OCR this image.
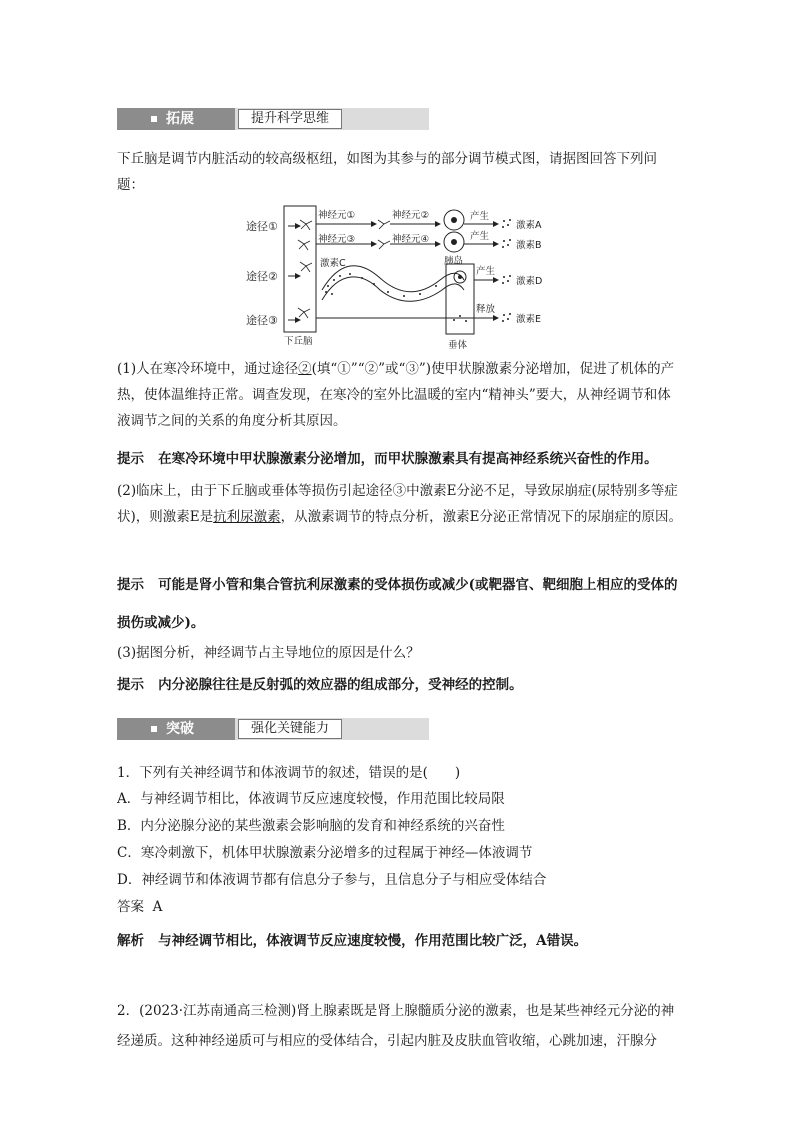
拓展	提升科学思维

下丘脑是调节内脏活动的较高级枢纽，如图为其参与的部分调节模式图，请据图回答下列问题：

途径①
途径②
途径③
下丘脑
神经元①
神经元③
神经元②
神经元④
胰岛
产生
产生
激素A
激素B
激素C
垂体
产生
释放
激素D
激素E

(1)人在寒冷环境中，通过途径②(填“①”“②”或“③”)使甲状腺激素分泌增加，促进了机体的产热，使体温维持正常。调查发现，在寒冷的室外比温暖的室内“精神头”要大，从神经调节和体液调节之间的关系的角度分析其原因。

提示 在寒冷环境中甲状腺激素分泌增加，而甲状腺激素具有提高神经系统兴奋性的作用。

(2)临床上，由于下丘脑或垂体等损伤引起途径③中激素E分泌不足，导致尿崩症(尿特别多等症状)，则激素E是抗利尿激素，从激素调节的特点分析，激素E分泌正常情况下的尿崩症的原因。

提示 可能是肾小管和集合管抗利尿激素的受体损伤或减少(或靶器官、靶细胞上相应的受体的损伤或减少)。

(3)据图分析，神经调节占主导地位的原因是什么？

提示 内分泌腺往往是反射弧的效应器的组成部分，受神经的控制。

突破	强化关键能力

1．下列有关神经调节和体液调节的叙述，错误的是(　　)

A．与神经调节相比，体液调节反应速度较慢，作用范围比较局限

B．内分泌腺分泌的某些激素会影响脑的发育和神经系统的兴奋性

C．寒冷刺激下，机体甲状腺激素分泌增多的过程属于神经—体液调节

D．神经调节和体液调节都有信息分子参与，且信息分子与相应受体结合

答案 A

解析 与神经调节相比，体液调节反应速度较慢，作用范围比较广泛，A错误。

2．(2023·江苏南通高三检测)肾上腺素既是肾上腺髓质分泌的激素，也是某些神经元分泌的神经递质。这种神经递质可与相应的受体结合，引起内脏及皮肤血管收缩，心跳加速，汗腺分
